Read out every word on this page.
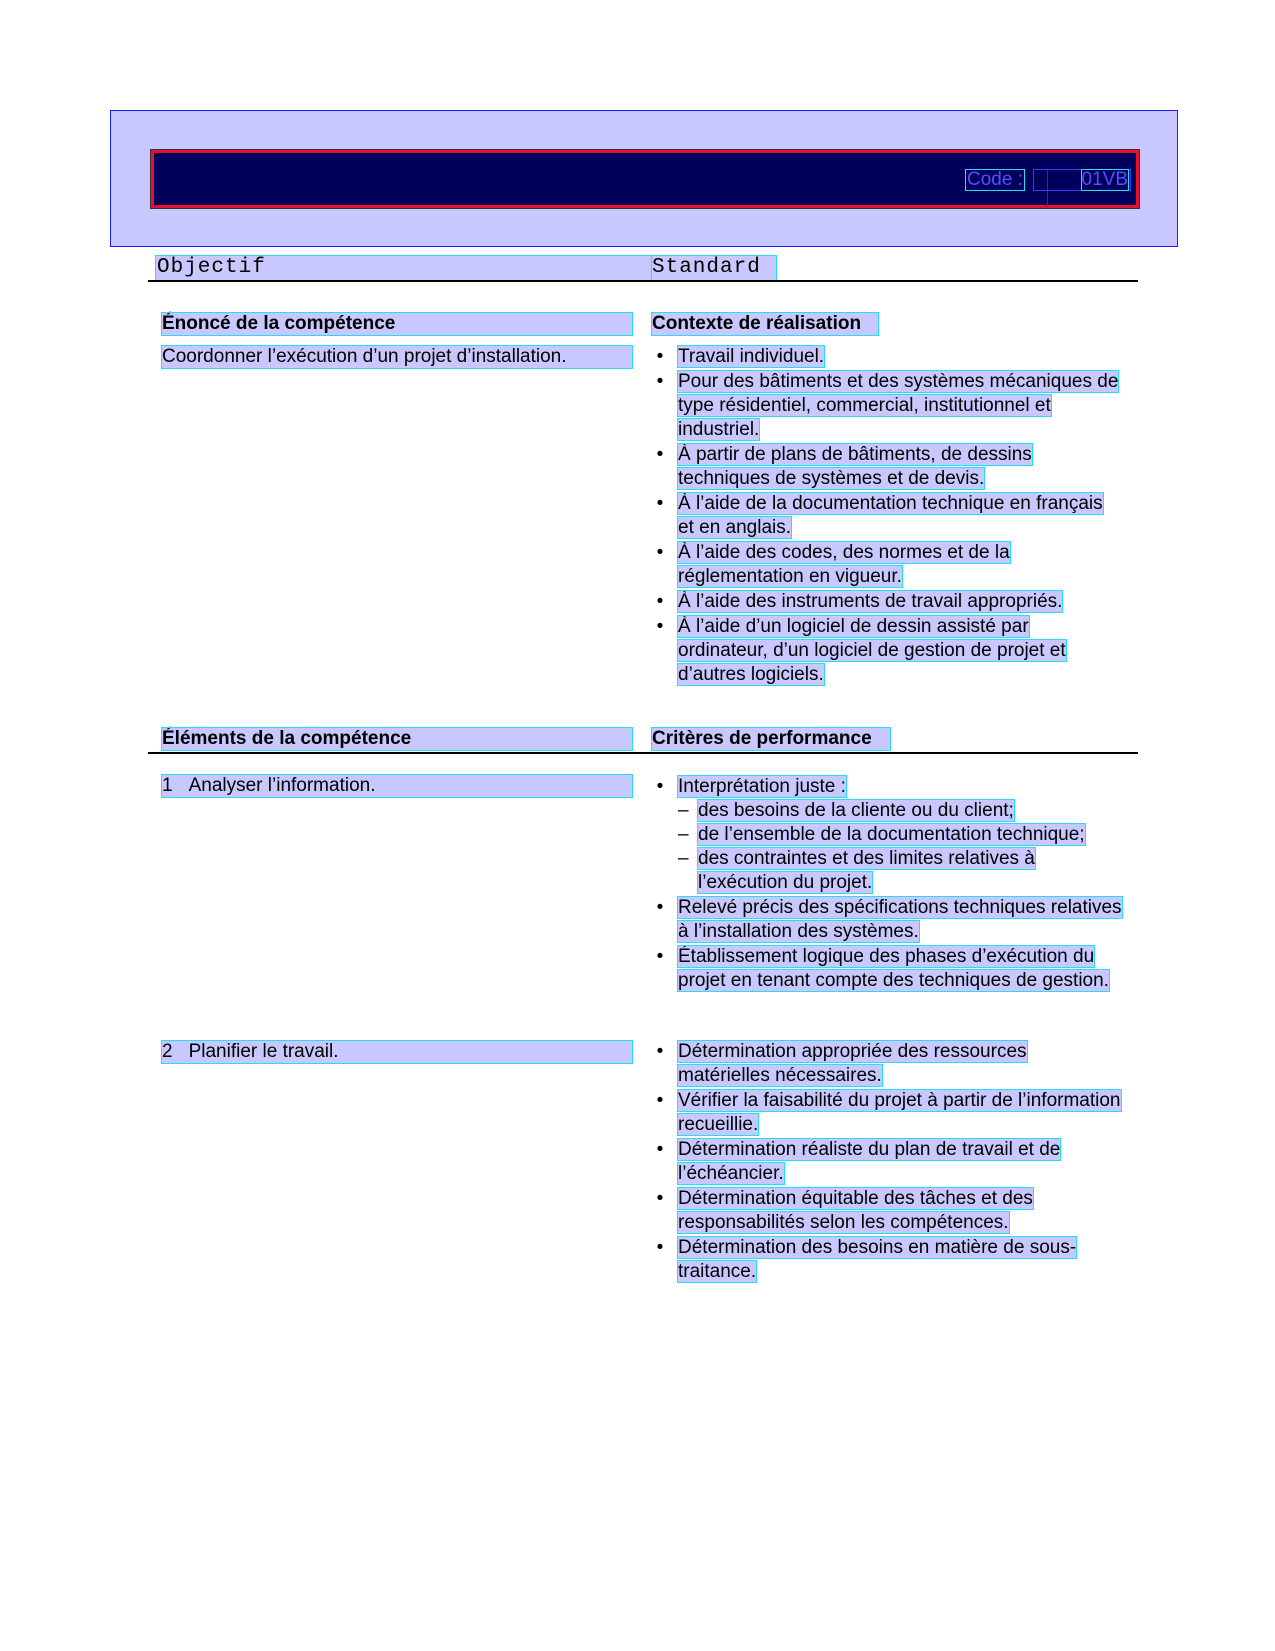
Code :	01VB
Objectif	Standard
Énoncé de la compétence	Contexte de réalisation
Coordonner l’exécution d’un projet d’installation.	• Travail individuel.
• Pour des bâtiments et des systèmes mécaniques de type résidentiel, commercial, institutionnel et industriel.
• À partir de plans de bâtiments, de dessins techniques de systèmes et de devis.
• À l’aide de la documentation technique en français et en anglais.
• À l’aide des codes, des normes et de la réglementation en vigueur.
• À l’aide des instruments de travail appropriés.
• À l’aide d’un logiciel de dessin assisté par ordinateur, d’un logiciel de gestion de projet et d’autres logiciels.
Éléments de la compétence	Critères de performance
1 Analyser l’information.	• Interprétation juste :
– des besoins de la cliente ou du client;
– de l’ensemble de la documentation technique;
– des contraintes et des limites relatives à l’exécution du projet.
• Relevé précis des spécifications techniques relatives à l’installation des systèmes.
• Établissement logique des phases d’exécution du projet en tenant compte des techniques de gestion.
2 Planifier le travail.	• Détermination appropriée des ressources matérielles nécessaires.
• Vérifier la faisabilité du projet à partir de l’information recueillie.
• Détermination réaliste du plan de travail et de l’échéancier.
• Détermination équitable des tâches et des responsabilités selon les compétences.
• Détermination des besoins en matière de sous-traitance.
